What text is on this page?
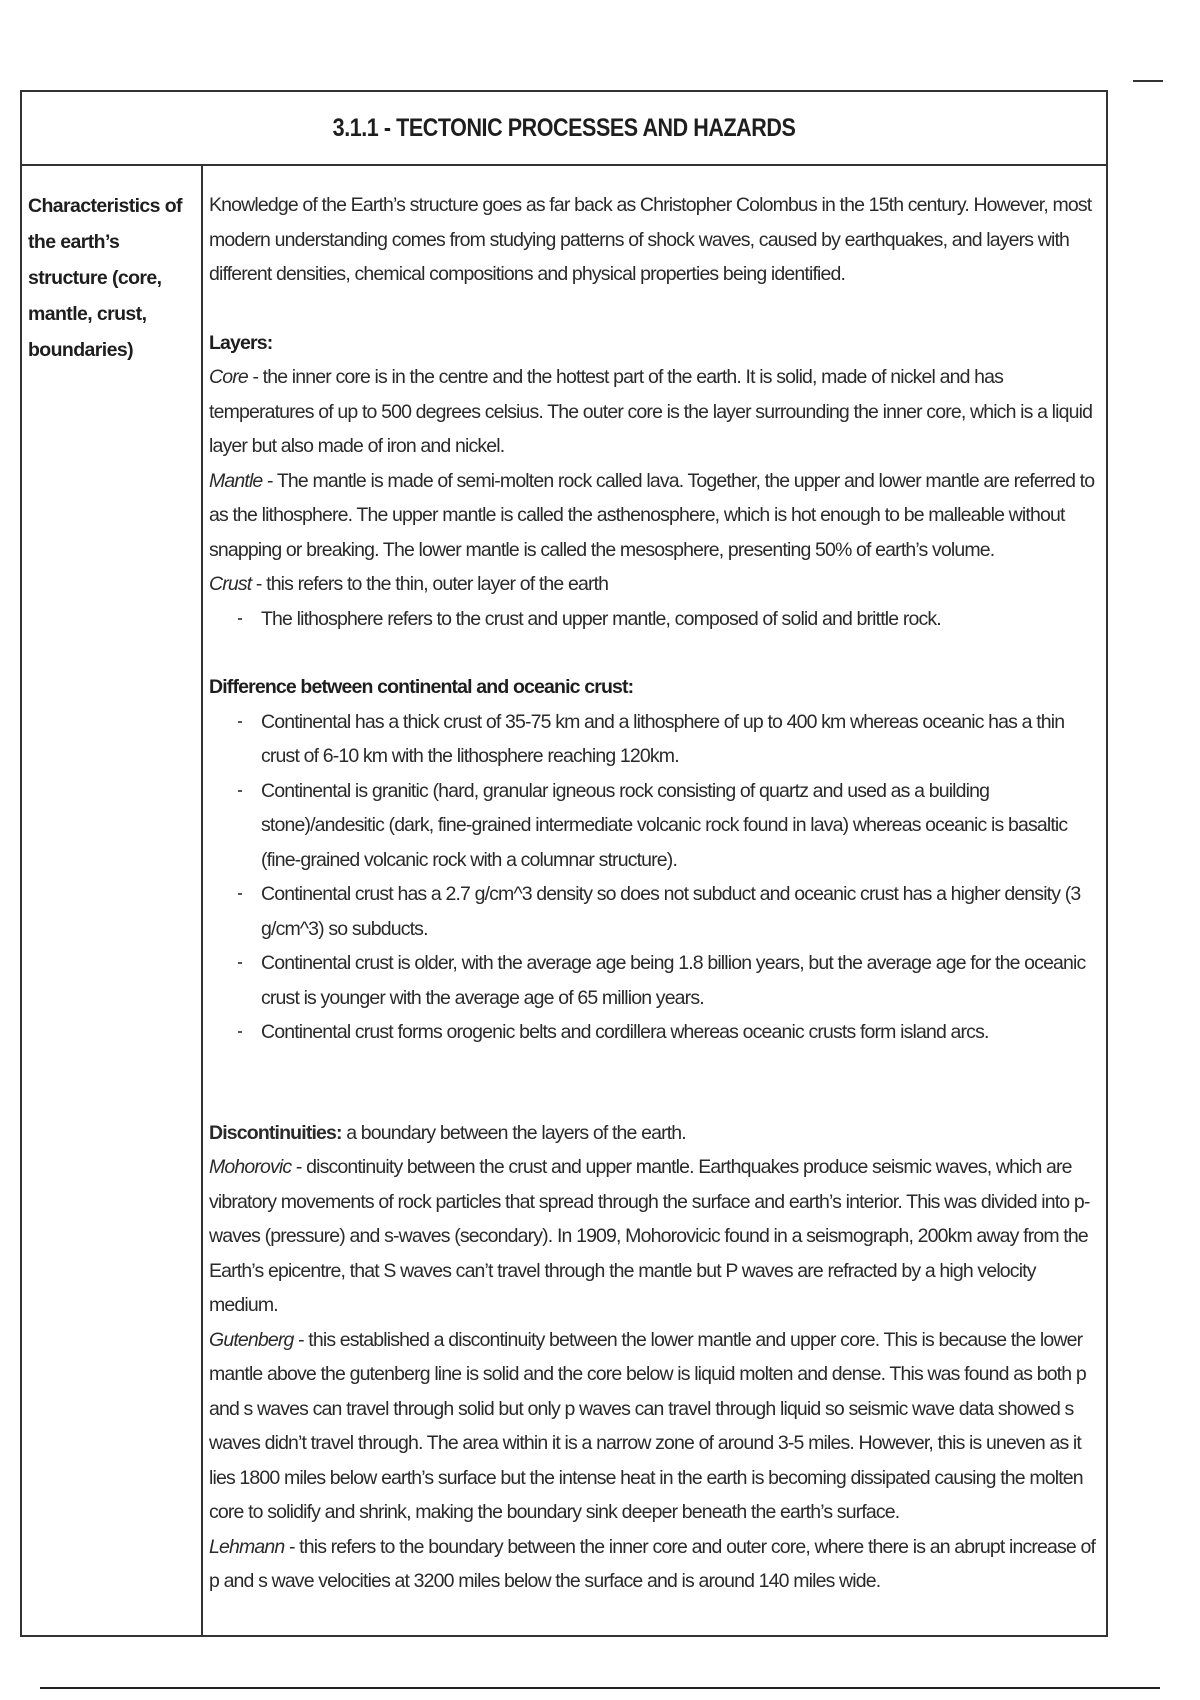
3.1.1 - TECTONIC PROCESSES AND HAZARDS

Characteristics of the earth’s structure (core, mantle, crust, boundaries)

Knowledge of the Earth’s structure goes as far back as Christopher Colombus in the 15th century. However, most modern understanding comes from studying patterns of shock waves, caused by earthquakes, and layers with different densities, chemical compositions and physical properties being identified.

Layers:

Core - the inner core is in the centre and the hottest part of the earth. It is solid, made of nickel and has temperatures of up to 500 degrees celsius. The outer core is the layer surrounding the inner core, which is a liquid layer but also made of iron and nickel.

Mantle - The mantle is made of semi-molten rock called lava. Together, the upper and lower mantle are referred to as the lithosphere. The upper mantle is called the asthenosphere, which is hot enough to be malleable without snapping or breaking. The lower mantle is called the mesosphere, presenting 50% of earth’s volume.

Crust - this refers to the thin, outer layer of the earth

The lithosphere refers to the crust and upper mantle, composed of solid and brittle rock.

Difference between continental and oceanic crust:

Continental has a thick crust of 35-75 km and a lithosphere of up to 400 km whereas oceanic has a thin crust of 6-10 km with the lithosphere reaching 120km.
Continental is granitic (hard, granular igneous rock consisting of quartz and used as a building stone)/andesitic (dark, fine-grained intermediate volcanic rock found in lava) whereas oceanic is basaltic (fine-grained volcanic rock with a columnar structure).
Continental crust has a 2.7 g/cm^3 density so does not subduct and oceanic crust has a higher density (3 g/cm^3) so subducts.
Continental crust is older, with the average age being 1.8 billion years, but the average age for the oceanic crust is younger with the average age of 65 million years.
Continental crust forms orogenic belts and cordillera whereas oceanic crusts form island arcs.

Discontinuities: a boundary between the layers of the earth.

Mohorovic - discontinuity between the crust and upper mantle. Earthquakes produce seismic waves, which are vibratory movements of rock particles that spread through the surface and earth’s interior. This was divided into p-waves (pressure) and s-waves (secondary). In 1909, Mohorovicic found in a seismograph, 200km away from the Earth’s epicentre, that S waves can’t travel through the mantle but P waves are refracted by a high velocity medium.

Gutenberg - this established a discontinuity between the lower mantle and upper core. This is because the lower mantle above the gutenberg line is solid and the core below is liquid molten and dense. This was found as both p and s waves can travel through solid but only p waves can travel through liquid so seismic wave data showed s waves didn’t travel through. The area within it is a narrow zone of around 3-5 miles. However, this is uneven as it lies 1800 miles below earth’s surface but the intense heat in the earth is becoming dissipated causing the molten core to solidify and shrink, making the boundary sink deeper beneath the earth’s surface.

Lehmann - this refers to the boundary between the inner core and outer core, where there is an abrupt increase of p and s wave velocities at 3200 miles below the surface and is around 140 miles wide.
